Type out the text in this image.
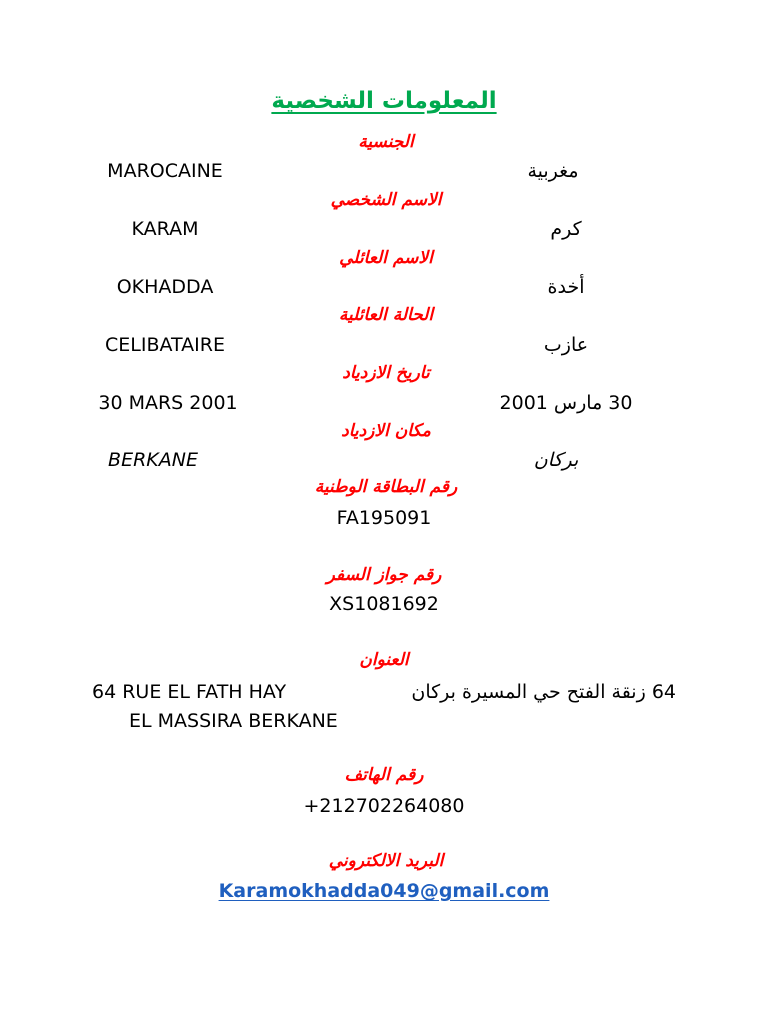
المعلومات الشخصية
الجنسية
MAROCAINE	مغربية
الاسم الشخصي
KARAM	كرم
الاسم العائلي
OKHADDA	أخدة
الحالة العائلية
CELIBATAIRE	عازب
تاريخ الازدياد
30 MARS 2001	30 مارس 2001
مكان الازدياد
BERKANE	بركان
رقم البطاقة الوطنية
FA195091
رقم جواز السفر
XS1081692
العنوان
64 RUE EL FATH HAY
EL MASSIRA BERKANE
64 زنقة الفتح حي المسيرة بركان
رقم الهاتف
+212702264080
البريد الالكتروني
Karamokhadda049@gmail.com
